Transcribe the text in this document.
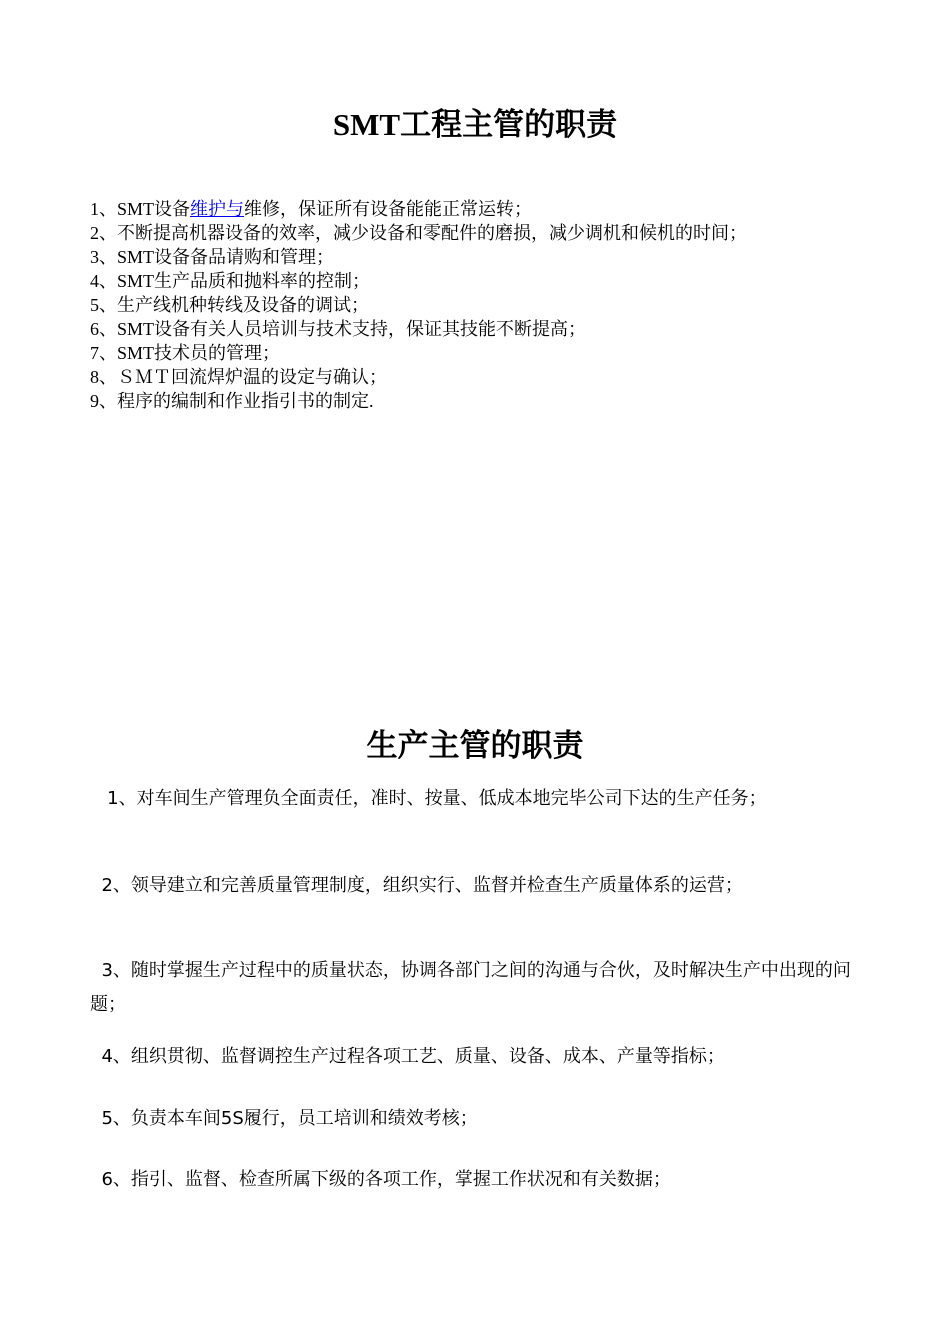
SMT工程主管的职责
1、SMT设备维护与维修，保证所有设备能能正常运转；
2、不断提高机器设备的效率，减少设备和零配件的磨损，减少调机和候机的时间；
3、SMT设备备品请购和管理；
4、SMT生产品质和抛料率的控制；
5、生产线机种转线及设备的调试；
6、SMT设备有关人员培训与技术支持，保证其技能不断提高；
7、SMT技术员的管理；
8、ＳＭＴ回流焊炉温的设定与确认；
9、程序的编制和作业指引书的制定.
生产主管的职责
1、对车间生产管理负全面责任，准时、按量、低成本地完毕公司下达的生产任务；
2、领导建立和完善质量管理制度，组织实行、监督并检查生产质量体系的运营；
3、随时掌握生产过程中的质量状态，协调各部门之间的沟通与合伙，及时解决生产中出现的问题；
4、组织贯彻、监督调控生产过程各项工艺、质量、设备、成本、产量等指标；
5、负责本车间5S履行，员工培训和绩效考核；
6、指引、监督、检查所属下级的各项工作，掌握工作状况和有关数据；
